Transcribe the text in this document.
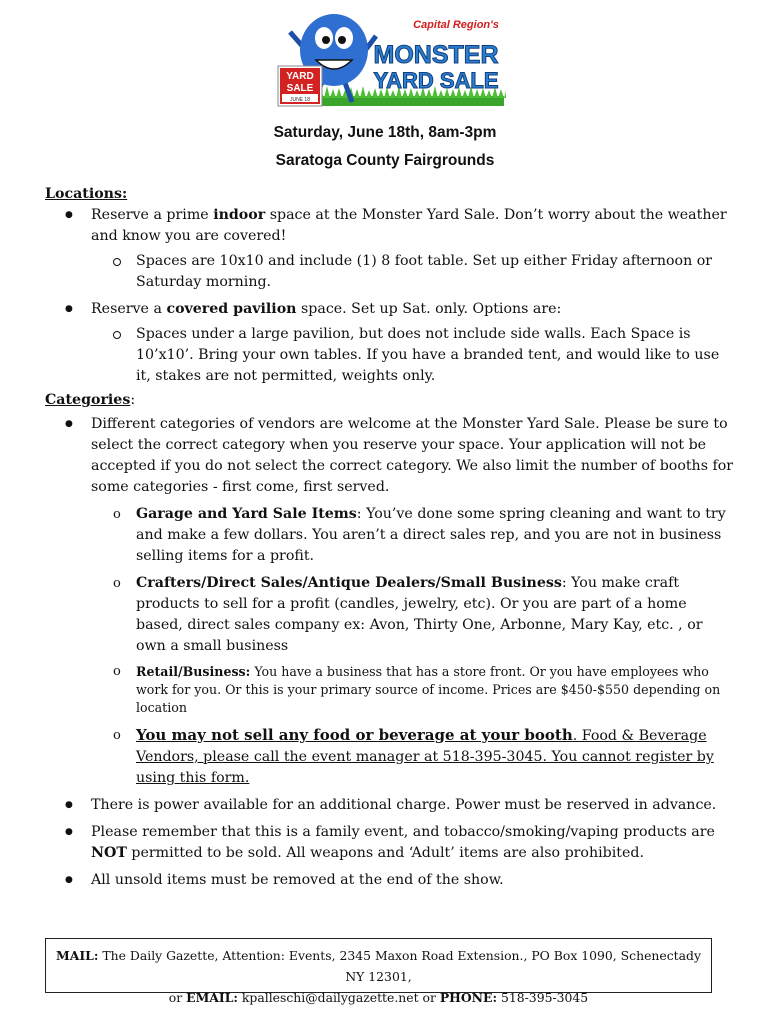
YARD
SALE
JUNE 18
Capital Region's
MONSTER
YARD SALE
Saturday, June 18th, 8am-3pm
Saratoga County Fairgrounds

Locations:

● Reserve a prime indoor space at the Monster Yard Sale. Don’t worry about the weather and know you are covered!
Spaces are 10x10 and include (1) 8 foot table. Set up either Friday afternoon or Saturday morning.
● Reserve a covered pavilion space. Set up Sat. only. Options are:
Spaces under a large pavilion, but does not include side walls. Each Space is 10’x10’. Bring your own tables. If you have a branded tent, and would like to use it, stakes are not permitted, weights only.

Categories:

● Different categories of vendors are welcome at the Monster Yard Sale. Please be sure to select the correct category when you reserve your space. Your application will not be accepted if you do not select the correct category. We also limit the number of booths for some categories - first come, first served.
o Garage and Yard Sale Items: You’ve done some spring cleaning and want to try and make a few dollars. You aren’t a direct sales rep, and you are not in business selling items for a profit.
o Crafters/Direct Sales/Antique Dealers/Small Business: You make craft products to sell for a profit (candles, jewelry, etc). Or you are part of a home based, direct sales company ex: Avon, Thirty One, Arbonne, Mary Kay, etc. , or own a small business
o Retail/Business: You have a business that has a store front. Or you have employees who work for you. Or this is your primary source of income. Prices are $450-$550 depending on location
o You may not sell any food or beverage at your booth. Food & Beverage Vendors, please call the event manager at 518-395-3045. You cannot register by using this form.
● There is power available for an additional charge. Power must be reserved in advance.
● Please remember that this is a family event, and tobacco/smoking/vaping products are NOT permitted to be sold. All weapons and ‘Adult’ items are also prohibited.
● All unsold items must be removed at the end of the show.
MAIL: The Daily Gazette, Attention: Events, 2345 Maxon Road Extension., PO Box 1090, Schenectady NY 12301,
or EMAIL: kpalleschi@dailygazette.net or PHONE: 518-395-3045
